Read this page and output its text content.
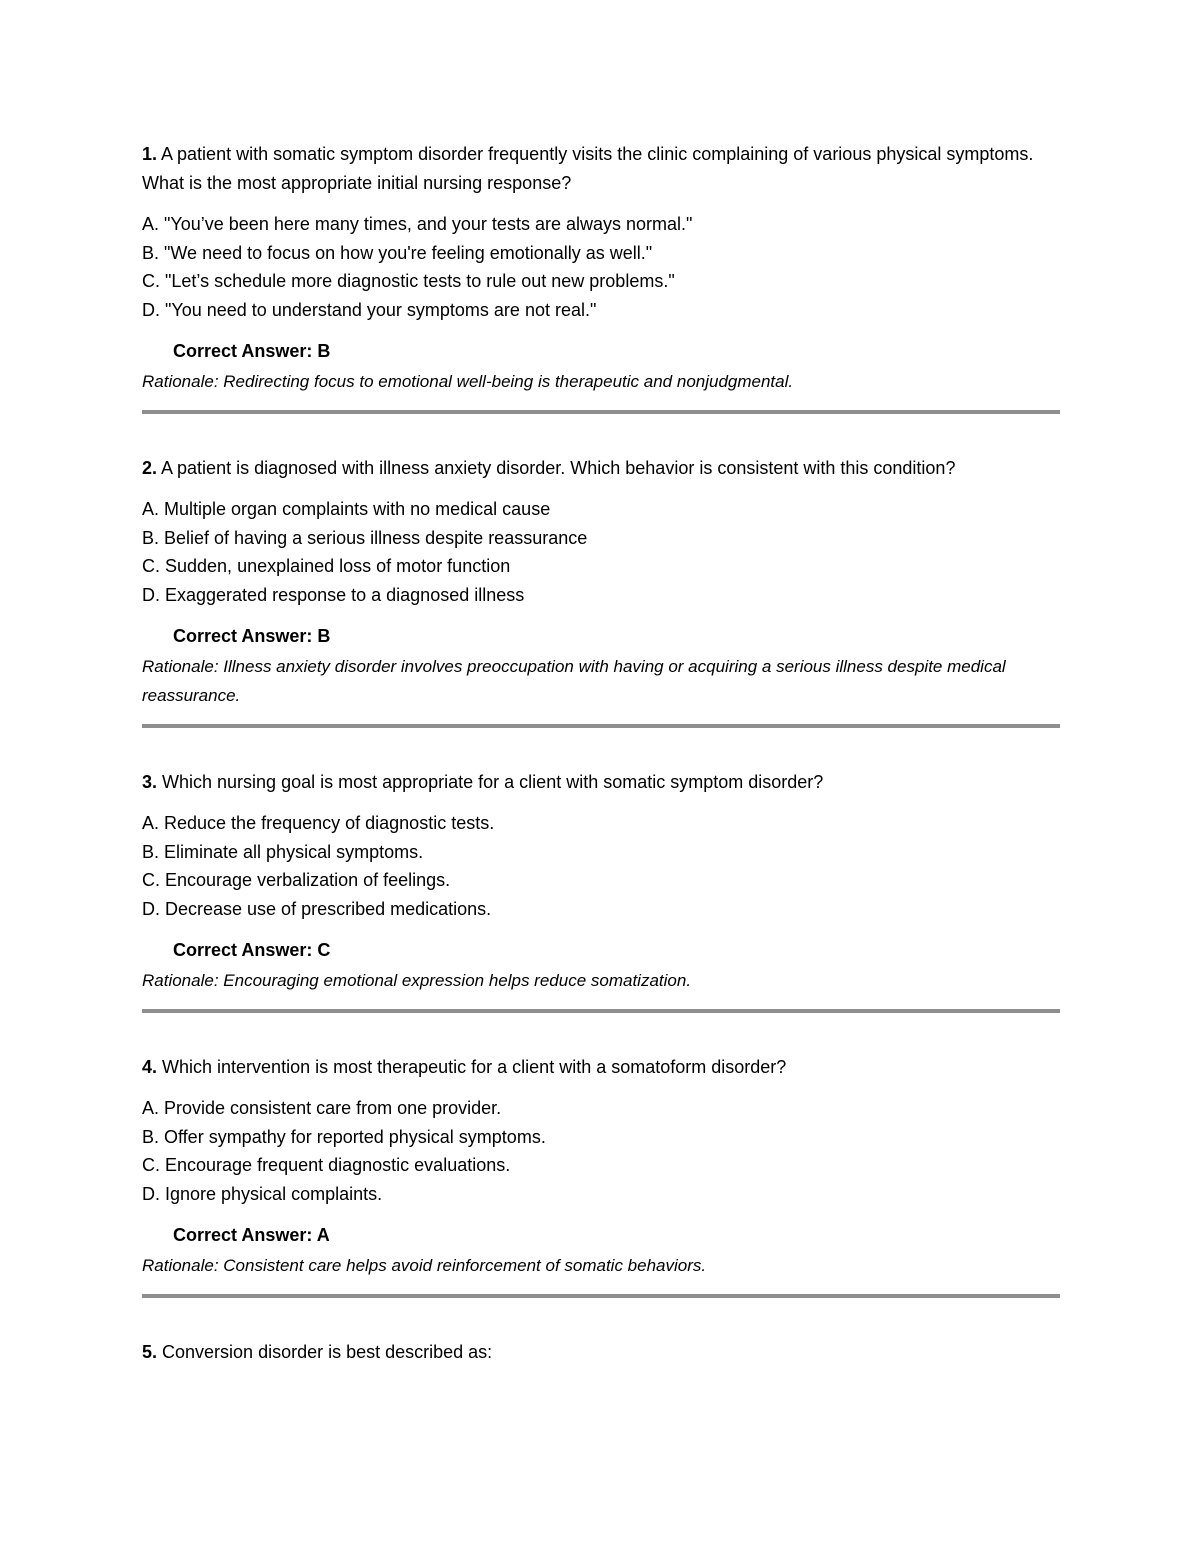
1. A patient with somatic symptom disorder frequently visits the clinic complaining of various physical symptoms. What is the most appropriate initial nursing response?

A. "You’ve been here many times, and your tests are always normal."
B. "We need to focus on how you're feeling emotionally as well."
C. "Let’s schedule more diagnostic tests to rule out new problems."
D. "You need to understand your symptoms are not real."
Correct Answer: B
Rationale: Redirecting focus to emotional well-being is therapeutic and nonjudgmental.

2. A patient is diagnosed with illness anxiety disorder. Which behavior is consistent with this condition?

A. Multiple organ complaints with no medical cause
B. Belief of having a serious illness despite reassurance
C. Sudden, unexplained loss of motor function
D. Exaggerated response to a diagnosed illness
Correct Answer: B
Rationale: Illness anxiety disorder involves preoccupation with having or acquiring a serious illness despite medical reassurance.

3. Which nursing goal is most appropriate for a client with somatic symptom disorder?

A. Reduce the frequency of diagnostic tests.
B. Eliminate all physical symptoms.
C. Encourage verbalization of feelings.
D. Decrease use of prescribed medications.
Correct Answer: C
Rationale: Encouraging emotional expression helps reduce somatization.

4. Which intervention is most therapeutic for a client with a somatoform disorder?

A. Provide consistent care from one provider.
B. Offer sympathy for reported physical symptoms.
C. Encourage frequent diagnostic evaluations.
D. Ignore physical complaints.
Correct Answer: A
Rationale: Consistent care helps avoid reinforcement of somatic behaviors.

5. Conversion disorder is best described as:
